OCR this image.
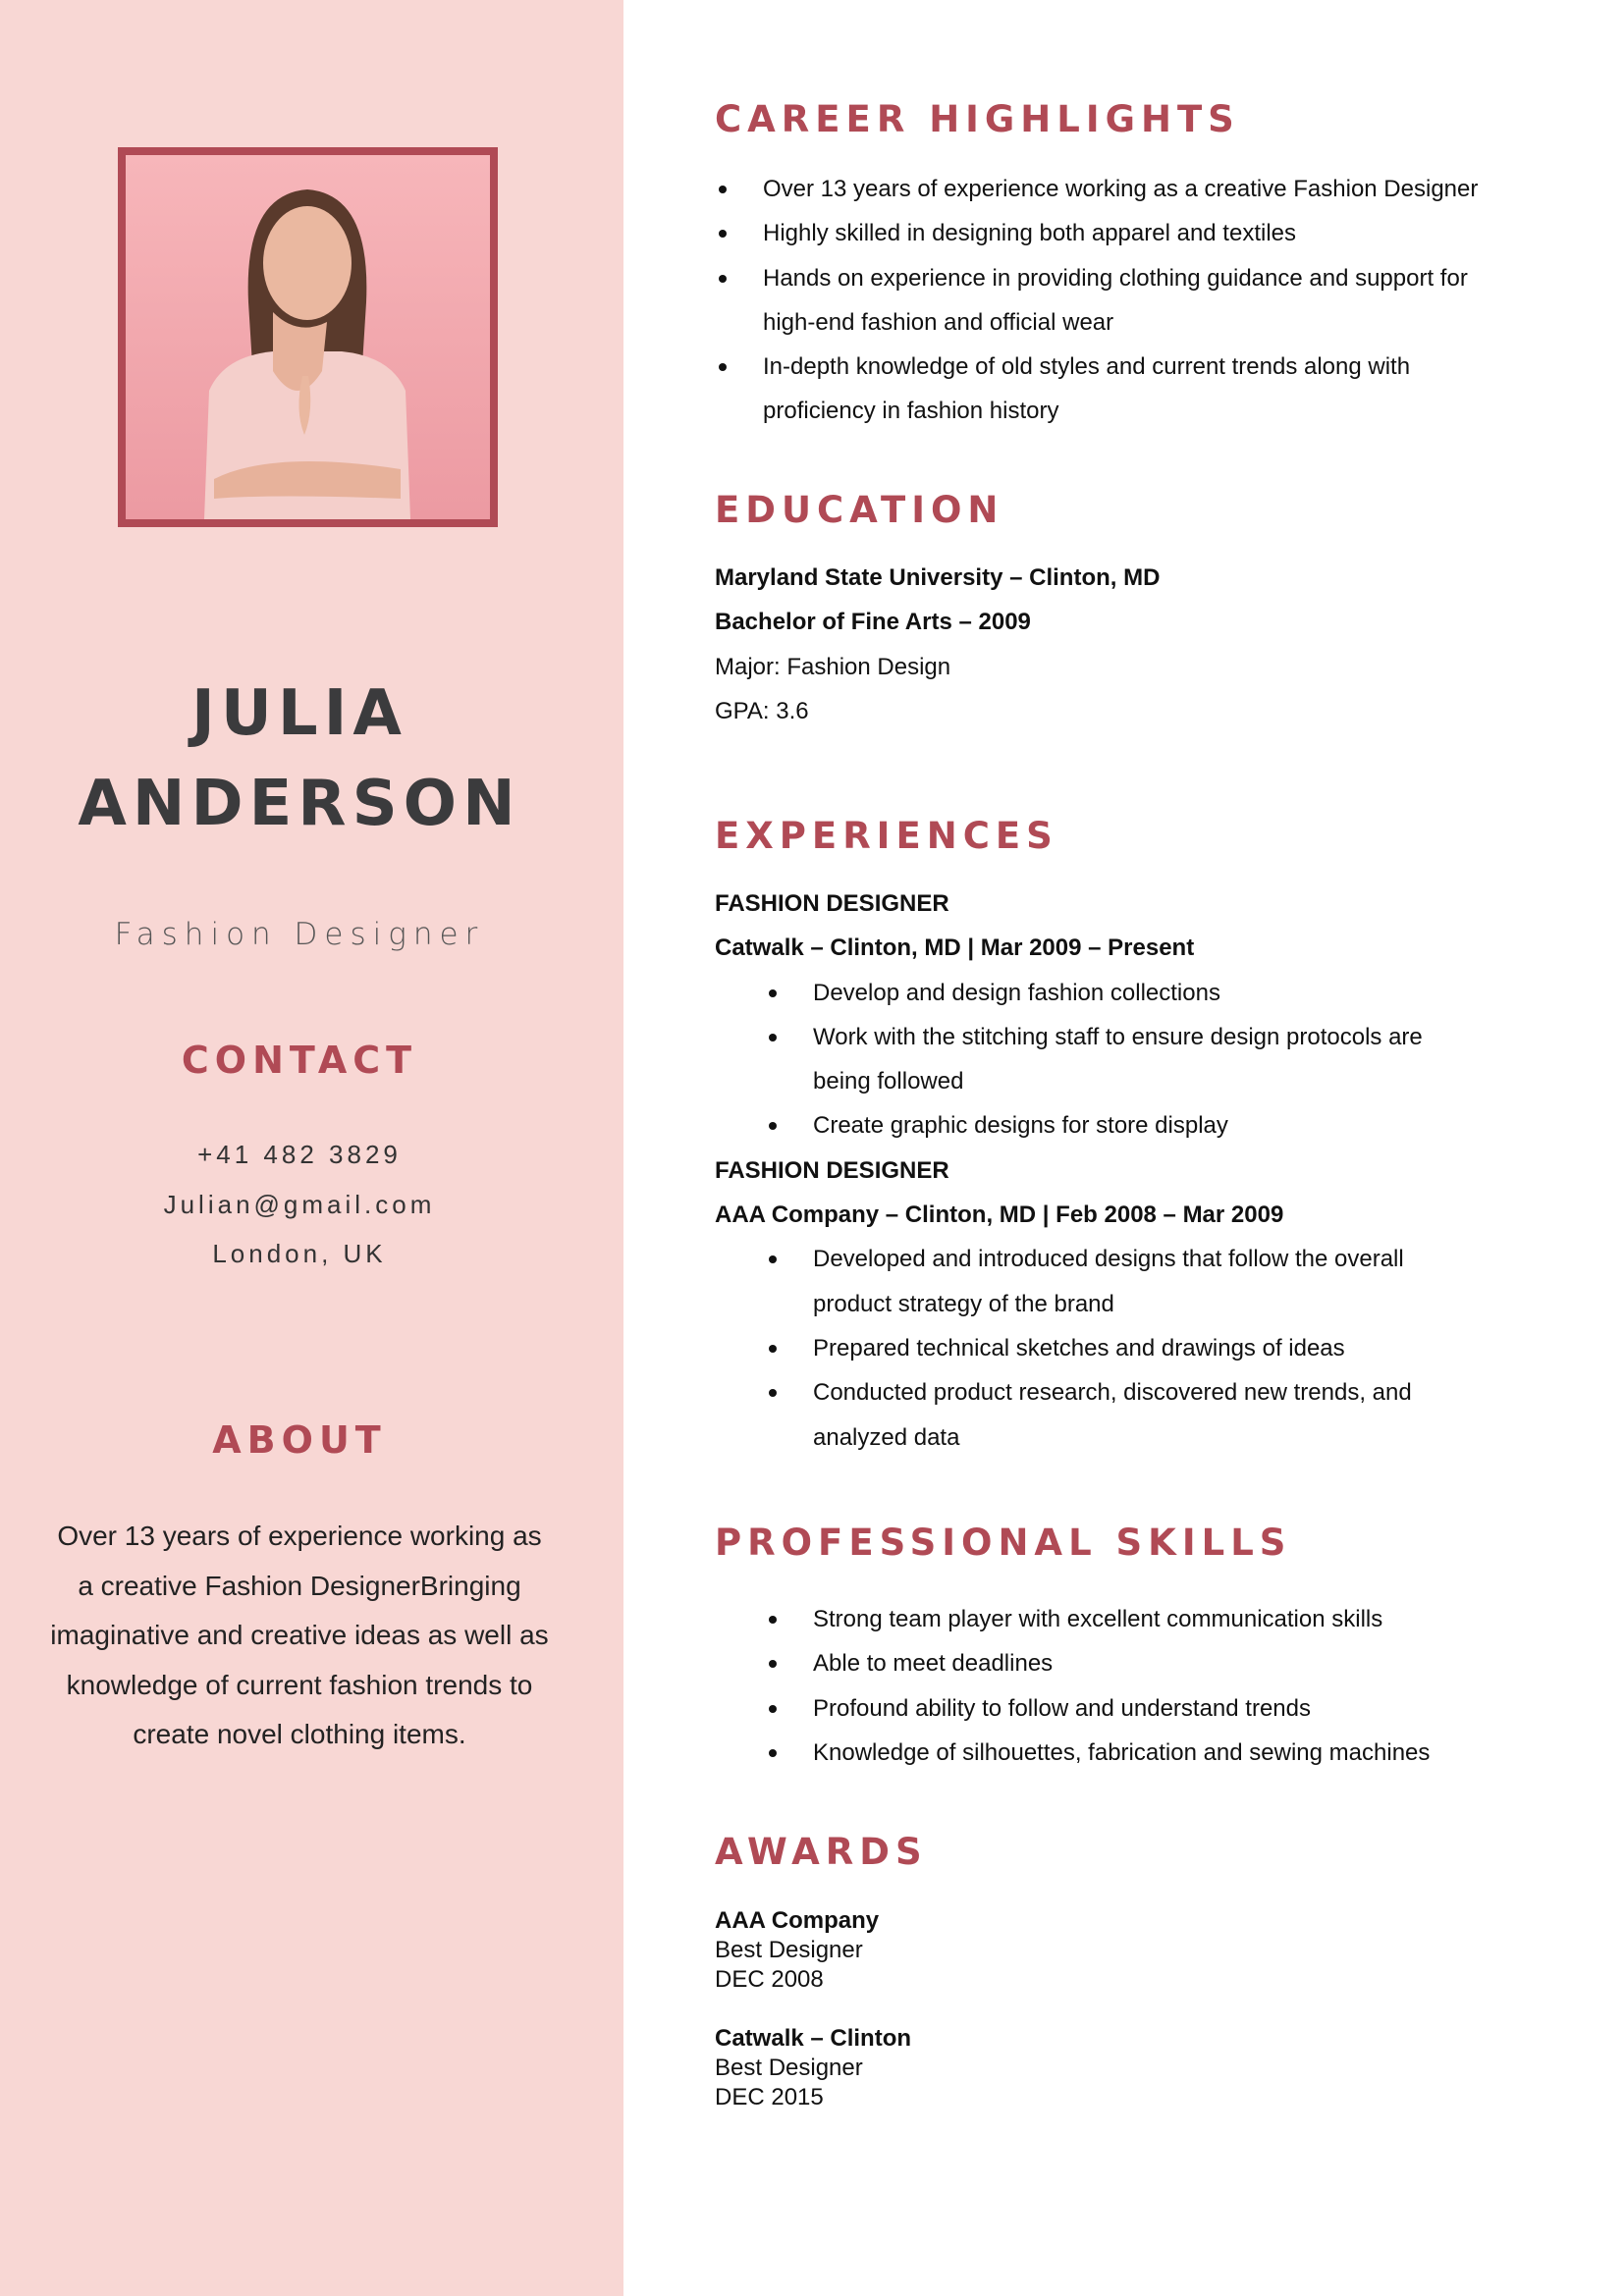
JULIA
ANDERSON
Fashion Designer
CONTACT
+41 482 3829
Julian@gmail.com
London, UK
ABOUT
Over 13 years of experience working as a creative Fashion DesignerBringing imaginative and creative ideas as well as knowledge of current fashion trends to create novel clothing items.
CAREER HIGHLIGHTS
Over 13 years of experience working as a creative Fashion Designer
Highly skilled in designing both apparel and textiles
Hands on experience in providing clothing guidance and support for high-end fashion and official wear
In-depth knowledge of old styles and current trends along with proficiency in fashion history
EDUCATION
Maryland State University – Clinton, MD
Bachelor of Fine Arts – 2009
Major: Fashion Design
GPA: 3.6
EXPERIENCES
FASHION DESIGNER
Catwalk – Clinton, MD | Mar 2009 – Present
Develop and design fashion collections
Work with the stitching staff to ensure design protocols are being followed
Create graphic designs for store display
FASHION DESIGNER
AAA Company – Clinton, MD | Feb 2008 – Mar 2009
Developed and introduced designs that follow the overall product strategy of the brand
Prepared technical sketches and drawings of ideas
Conducted product research, discovered new trends, and analyzed data
PROFESSIONAL SKILLS
Strong team player with excellent communication skills
Able to meet deadlines
Profound ability to follow and understand trends
Knowledge of silhouettes, fabrication and sewing machines
AWARDS
AAA Company
Best Designer
DEC 2008
Catwalk – Clinton
Best Designer
DEC 2015
